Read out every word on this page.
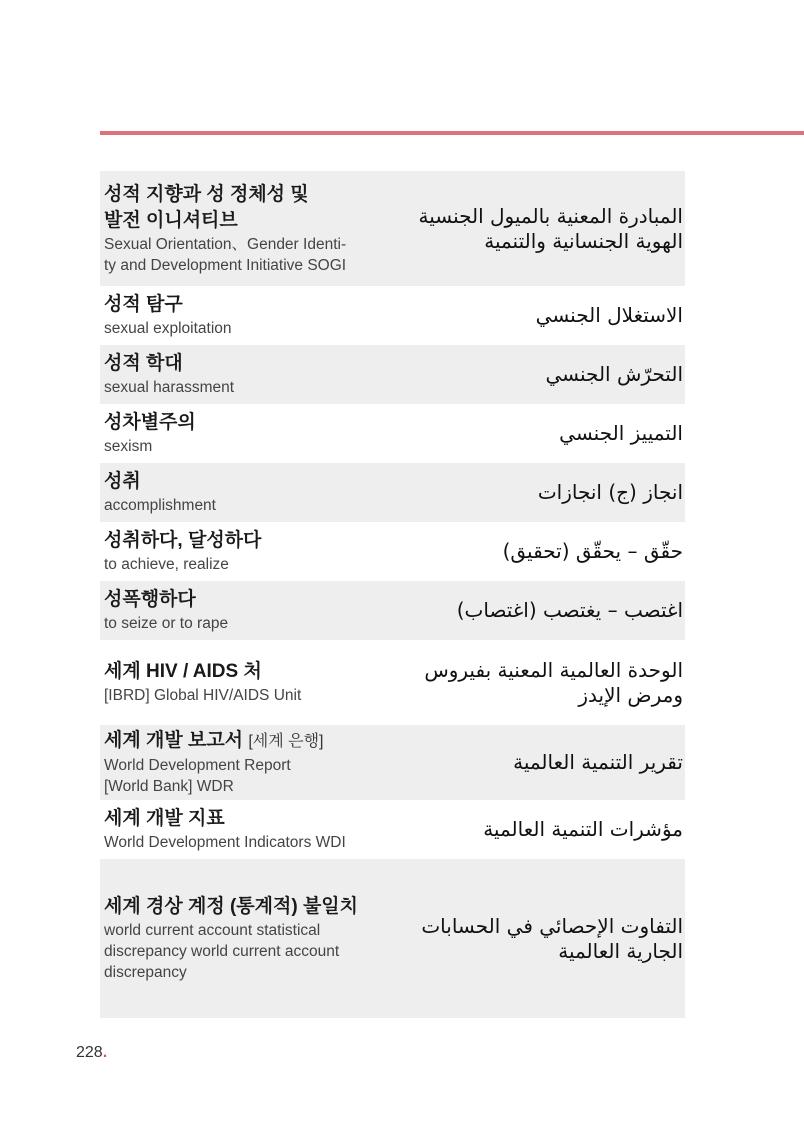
성적 지향과 성 정체성 및
발전 이니셔티브
Sexual Orientation、Gender Identi-
ty and Development Initiative SOGI
المبادرة المعنية بالميول الجنسية
الهوية الجنسانية والتنمية
성적 탐구
sexual exploitation
الاستغلال الجنسي
성적 학대
sexual harassment
التحرّش الجنسي
성차별주의
sexism
التمييز الجنسي
성취
accomplishment
انجاز (ج) انجازات
성취하다, 달성하다
to achieve, realize
حقّق – يحقّق (تحقيق)
성폭행하다
to seize or to rape
اغتصب – يغتصب (اغتصاب)
세계 HIV / AIDS 처
[IBRD] Global HIV/AIDS Unit
الوحدة العالمية المعنية بفيروس
ومرض الإيدز
세계 개발 보고서 [세계 은행]
World Development Report
[World Bank] WDR
تقرير التنمية العالمية
세계 개발 지표
World Development Indicators WDI
مؤشرات التنمية العالمية
세계 경상 계정 (통계적) 불일치
world current account statistical
discrepancy world current account
discrepancy
التفاوت الإحصائي في الحسابات
الجارية العالمية
228.
